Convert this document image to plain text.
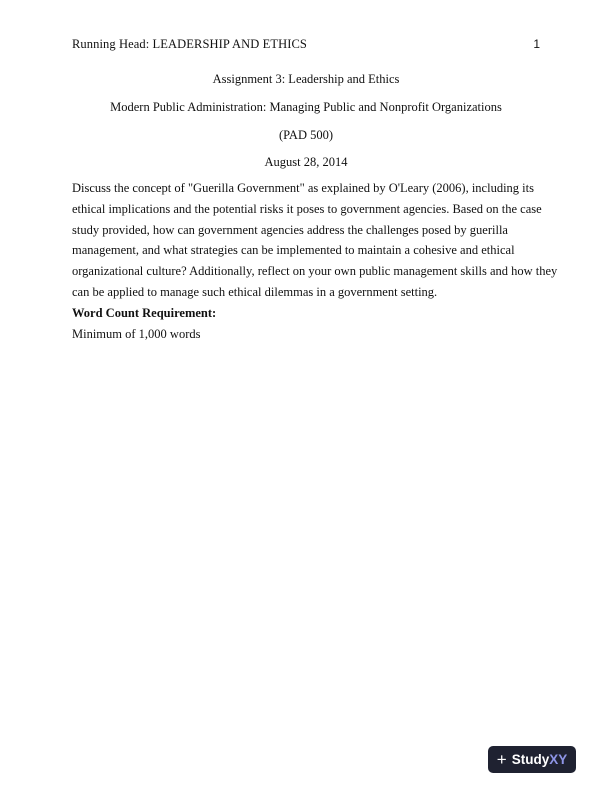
Running Head: LEADERSHIP AND ETHICS	1
Assignment 3: Leadership and Ethics
Modern Public Administration: Managing Public and Nonprofit Organizations
(PAD 500)
August 28, 2014

Discuss the concept of "Guerilla Government" as explained by O'Leary (2006), including its
ethical implications and the potential risks it poses to government agencies. Based on the case
study provided, how can government agencies address the challenges posed by guerilla
management, and what strategies can be implemented to maintain a cohesive and ethical
organizational culture? Additionally, reflect on your own public management skills and how they
can be applied to manage such ethical dilemmas in a government setting.

Word Count Requirement:

Minimum of 1,000 words

+ StudyXY
